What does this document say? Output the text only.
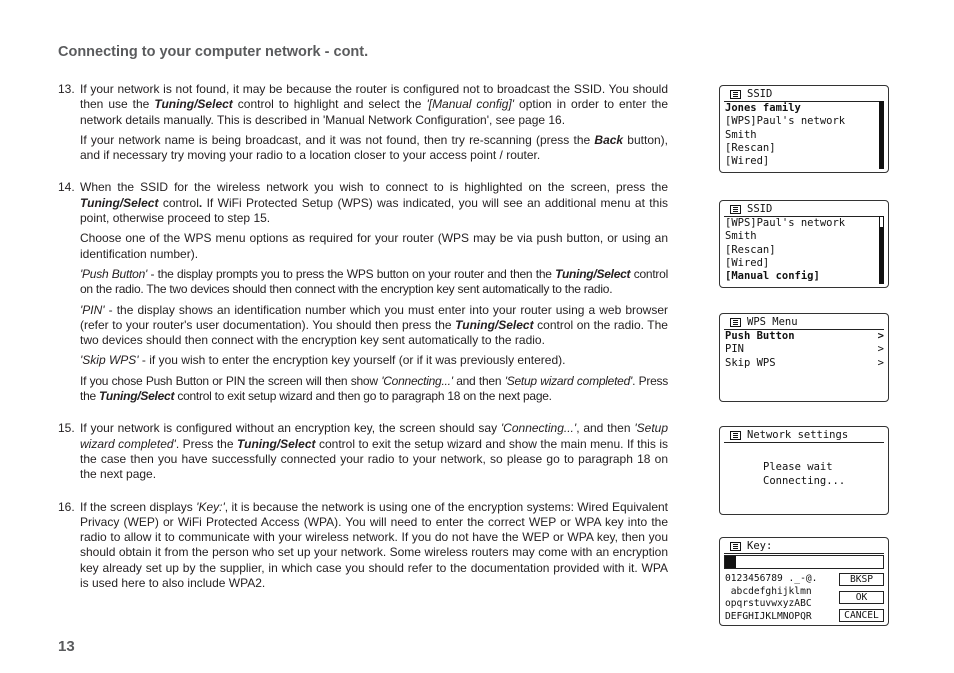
Connecting to your computer network - cont.
13. If your network is not found, it may be because the router is configured not to broadcast the SSID. You should then use the Tuning/Select control to highlight and select the '[Manual config]' option in order to enter the network details manually. This is described in 'Manual Network Configuration', see page 16.

If your network name is being broadcast, and it was not found, then try re-scanning (press the Back button), and if necessary try moving your radio to a location closer to your access point / router.

14. When the SSID for the wireless network you wish to connect to is highlighted on the screen, press the Tuning/Select control. If WiFi Protected Setup (WPS) was indicated, you will see an additional menu at this point, otherwise proceed to step 15.

Choose one of the WPS menu options as required for your router (WPS may be via push button, or using an identification number).

'Push Button' - the display prompts you to press the WPS button on your router and then the Tuning/Select control on the radio. The two devices should then connect with the encryption key sent automatically to the radio.

'PIN' - the display shows an identification number which you must enter into your router using a web browser (refer to your router's user documentation). You should then press the Tuning/Select control on the radio. The two devices should then connect with the encryption key sent automatically to the radio.

'Skip WPS' - if you wish to enter the encryption key yourself (or if it was previously entered).

If you chose Push Button or PIN the screen will then show 'Connecting...' and then 'Setup wizard completed'. Press the Tuning/Select control to exit setup wizard and then go to paragraph 18 on the next page.

15. If your network is configured without an encryption key, the screen should say 'Connecting...', and then 'Setup wizard completed'. Press the Tuning/Select control to exit the setup wizard and show the main menu. If this is the case then you have successfully connected your radio to your network, so please go to paragraph 18 on the next page.

16. If the screen displays 'Key:', it is because the network is using one of the encryption systems: Wired Equivalent Privacy (WEP) or WiFi Protected Access (WPA). You will need to enter the correct WEP or WPA key into the radio to allow it to communicate with your wireless network. If you do not have the WEP or WPA key, then you should obtain it from the person who set up your network. Some wireless routers may come with an encryption key already set up by the supplier, in which case you should refer to the documentation provided with it. WPA is used here to also include WPA2.

13
SSID
Jones family
[WPS]Paul's network
Smith
[Rescan]
[Wired]
SSID
[WPS]Paul's network
Smith
[Rescan]
[Wired]
[Manual config]
WPS Menu
Push Button	>
PIN	>
Skip WPS	>
Network settings
Please wait
Connecting...
Key:
0123456789 ._-@.
abcdefghijklmn
opqrstuvwxyzABC
DEFGHIJKLMNOPQR
BKSP
OK
CANCEL
